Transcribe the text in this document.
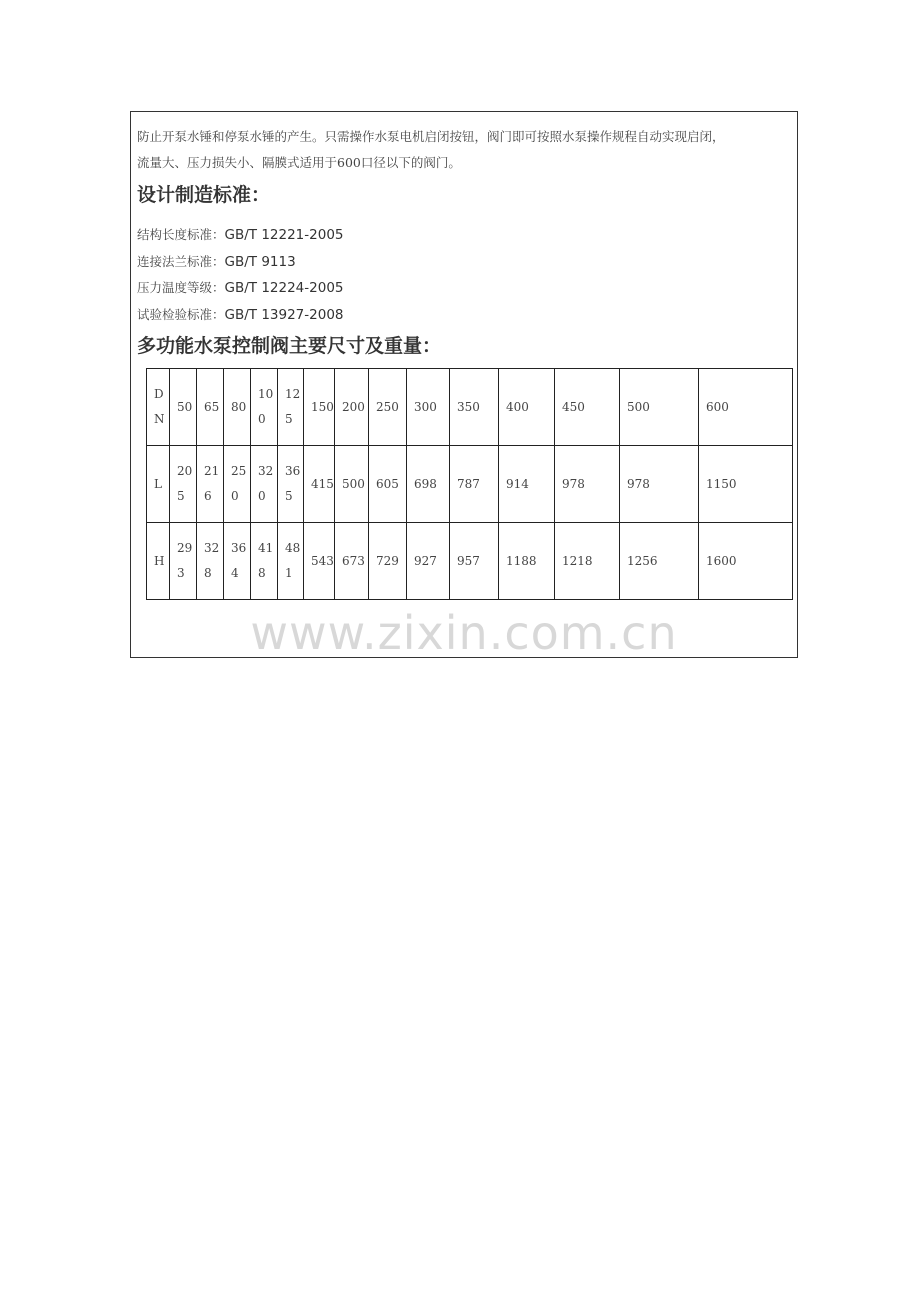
防止开泵水锤和停泵水锤的产生。只需操作水泵电机启闭按钮，阀门即可按照水泵操作规程自动实现启闭，

流量大、压力损失小、隔膜式适用于600口径以下的阀门。

设计制造标准：
结构长度标准：GB/T 12221-2005
连接法兰标准：GB/T 9113
压力温度等级：GB/T 12224-2005
试验检验标准：GB/T 13927-2008
多功能水泵控制阀主要尺寸及重量：
DN	50	65	80	100	125	150	200	250	300	350	400	450	500	600

L	205	216	250	320	365	415	500	605	698	787	914	978	978	1150

H	293	328	364	418	481	543	673	729	927	957	1188	1218	1256	1600
www.zixin.com.cn
